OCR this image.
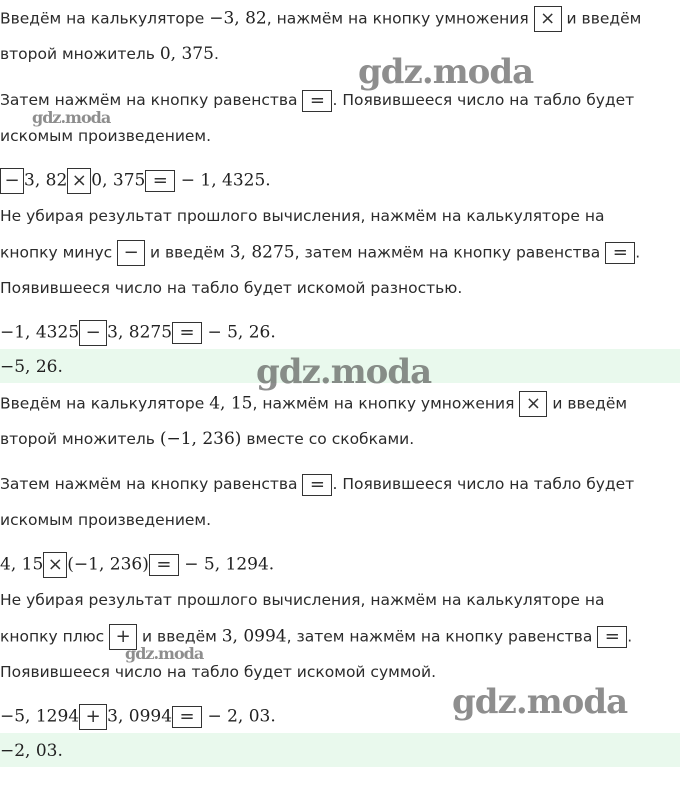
Введём на калькуляторе −3, 82, нажмём на кнопку умножения × и введём
второй множитель 0, 375.
Затем нажмём на кнопку равенства = . Появившееся число на табло будет
искомым произведением.
− 3, 82 × 0, 375 = − 1, 4325.
Не убирая результат прошлого вычисления, нажмём на калькуляторе на
кнопку минус − и введём 3, 8275, затем нажмём на кнопку равенства = .
Появившееся число на табло будет искомой разностью.
−1, 4325 − 3, 8275 = − 5, 26.
−5, 26.
Введём на калькуляторе 4, 15, нажмём на кнопку умножения × и введём
второй множитель (−1, 236) вместе со скобками.
Затем нажмём на кнопку равенства = . Появившееся число на табло будет
искомым произведением.
4, 15 × (−1, 236) = − 5, 1294.
Не убирая результат прошлого вычисления, нажмём на калькуляторе на
кнопку плюс + и введём 3, 0994, затем нажмём на кнопку равенства = .
Появившееся число на табло будет искомой суммой.
−5, 1294 + 3, 0994 = − 2, 03.
−2, 03.
gdz.moda
gdz.moda
gdz.moda
gdz.moda
gdz.moda
